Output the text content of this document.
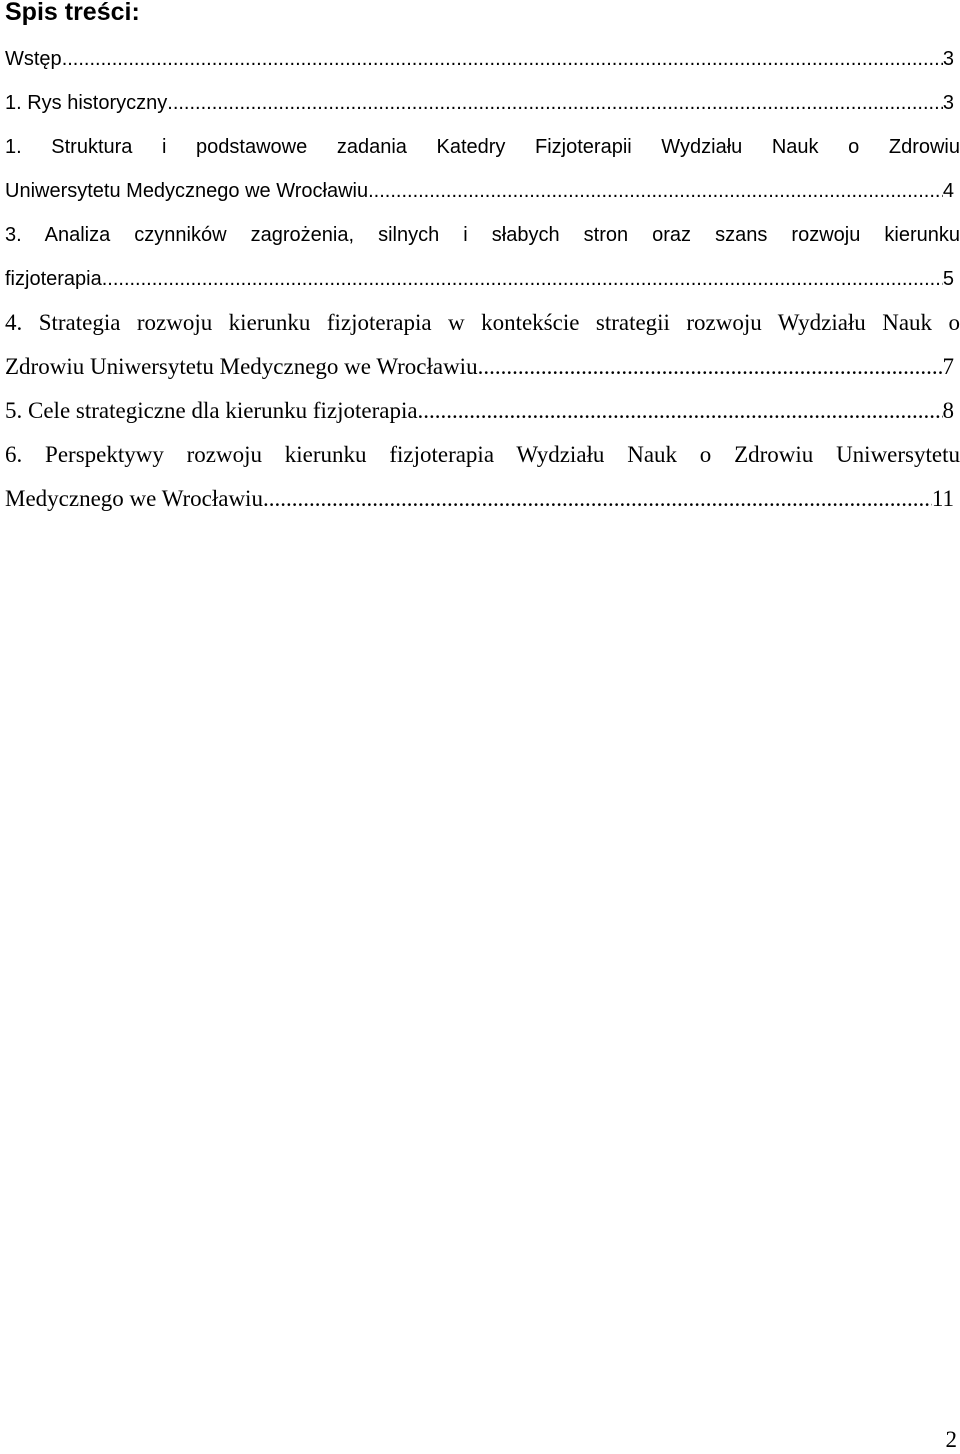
Spis treści:
Wstęp .....	3
1. Rys historyczny .....	3
1. Struktura i podstawowe zadania Katedry Fizjoterapii Wydziału Nauk o Zdrowiu
Uniwersytetu Medycznego we Wrocławiu .....	4
3. Analiza czynników zagrożenia, silnych i słabych stron oraz szans rozwoju kierunku
fizjoterapia .....	5
4. Strategia rozwoju kierunku fizjoterapia w kontekście strategii rozwoju Wydziału Nauk o
Zdrowiu Uniwersytetu Medycznego we Wrocławiu .....	7
5. Cele strategiczne dla kierunku fizjoterapia .....	8
6. Perspektywy rozwoju kierunku fizjoterapia Wydziału Nauk o Zdrowiu Uniwersytetu
Medycznego we Wrocławiu .....	11
2
